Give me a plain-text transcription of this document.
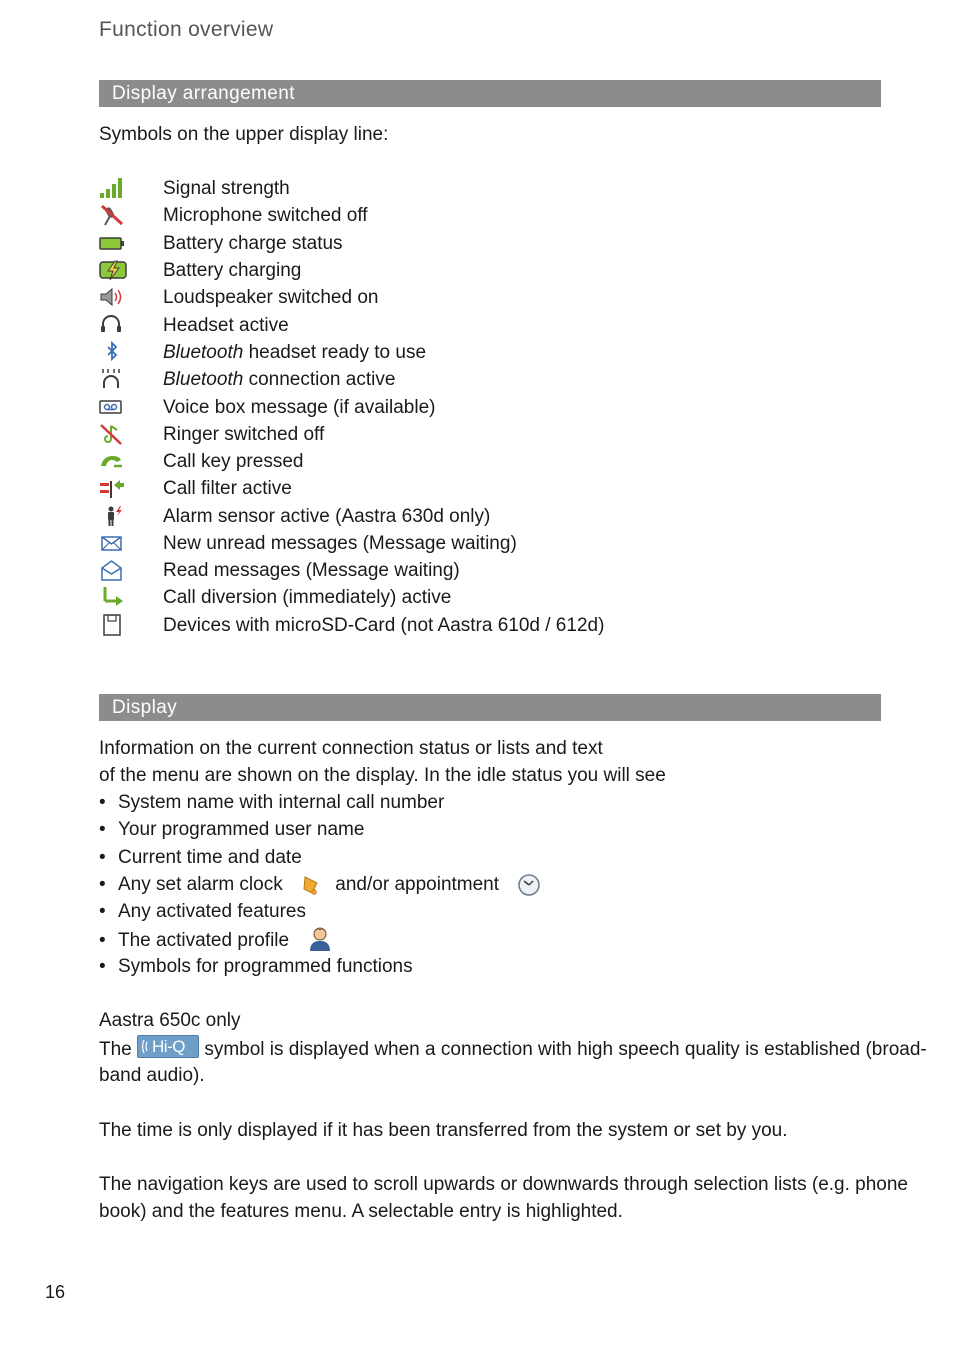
Function overview
Display arrangement
Symbols on the upper display line:
Signal strength
Microphone switched off
Battery charge status
Battery charging
Loudspeaker switched on
Headset active
Bluetooth headset ready to use
Bluetooth connection active
Voice box message (if available)
Ringer switched off
Call key pressed
Call filter active
Alarm sensor active (Aastra 630d only)
New unread messages (Message waiting)
Read messages (Message waiting)
Call diversion (immediately) active
Devices with microSD-Card (not Aastra 610d / 612d)
Display
Information on the current connection status or lists and text
of the menu are shown on the display. In the idle status you will see
• System name with internal call number
• Your programmed user name
• Current time and date
• Any set alarm clock	and/or appointment
• Any activated features
• The activated profile
• Symbols for programmed functions
Aastra 650c only
The Hi-Q symbol is displayed when a connection with high speech quality is established (broad-
band audio).
The time is only displayed if it has been transferred from the system or set by you.
The navigation keys are used to scroll upwards or downwards through selection lists (e.g. phone
book) and the features menu. A selectable entry is highlighted.
16
